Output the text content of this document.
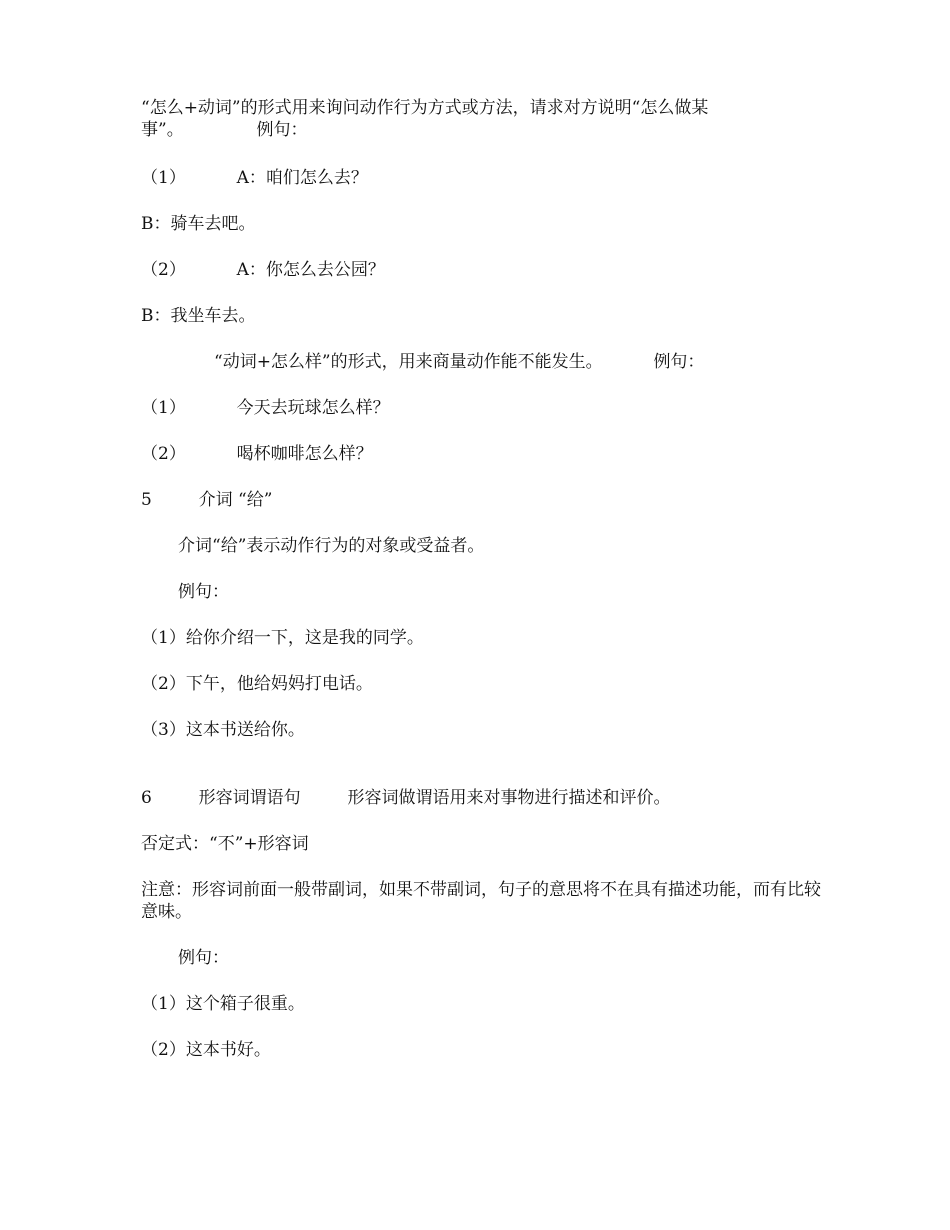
“怎么+动词”的形式用来询问动作行为方式或方法，请求对方说明“怎么做某
事”。	例句：
（1）	A：咱们怎么去？
B：骑车去吧。
（2）	A：你怎么去公园？
B：我坐车去。
“动词+怎么样”的形式，用来商量动作能不能发生。	例句：
（1）	今天去玩球怎么样？
（2）	喝杯咖啡怎么样？
5	介词 “给”
介词“给”表示动作行为的对象或受益者。
例句：
（1）给你介绍一下，这是我的同学。
（2）下午，他给妈妈打电话。
（3）这本书送给你。
6	形容词谓语句	形容词做谓语用来对事物进行描述和评价。
否定式：“不”+形容词
注意：形容词前面一般带副词，如果不带副词，句子的意思将不在具有描述功能，而有比较意味。
例句：
（1）这个箱子很重。
（2）这本书好。
